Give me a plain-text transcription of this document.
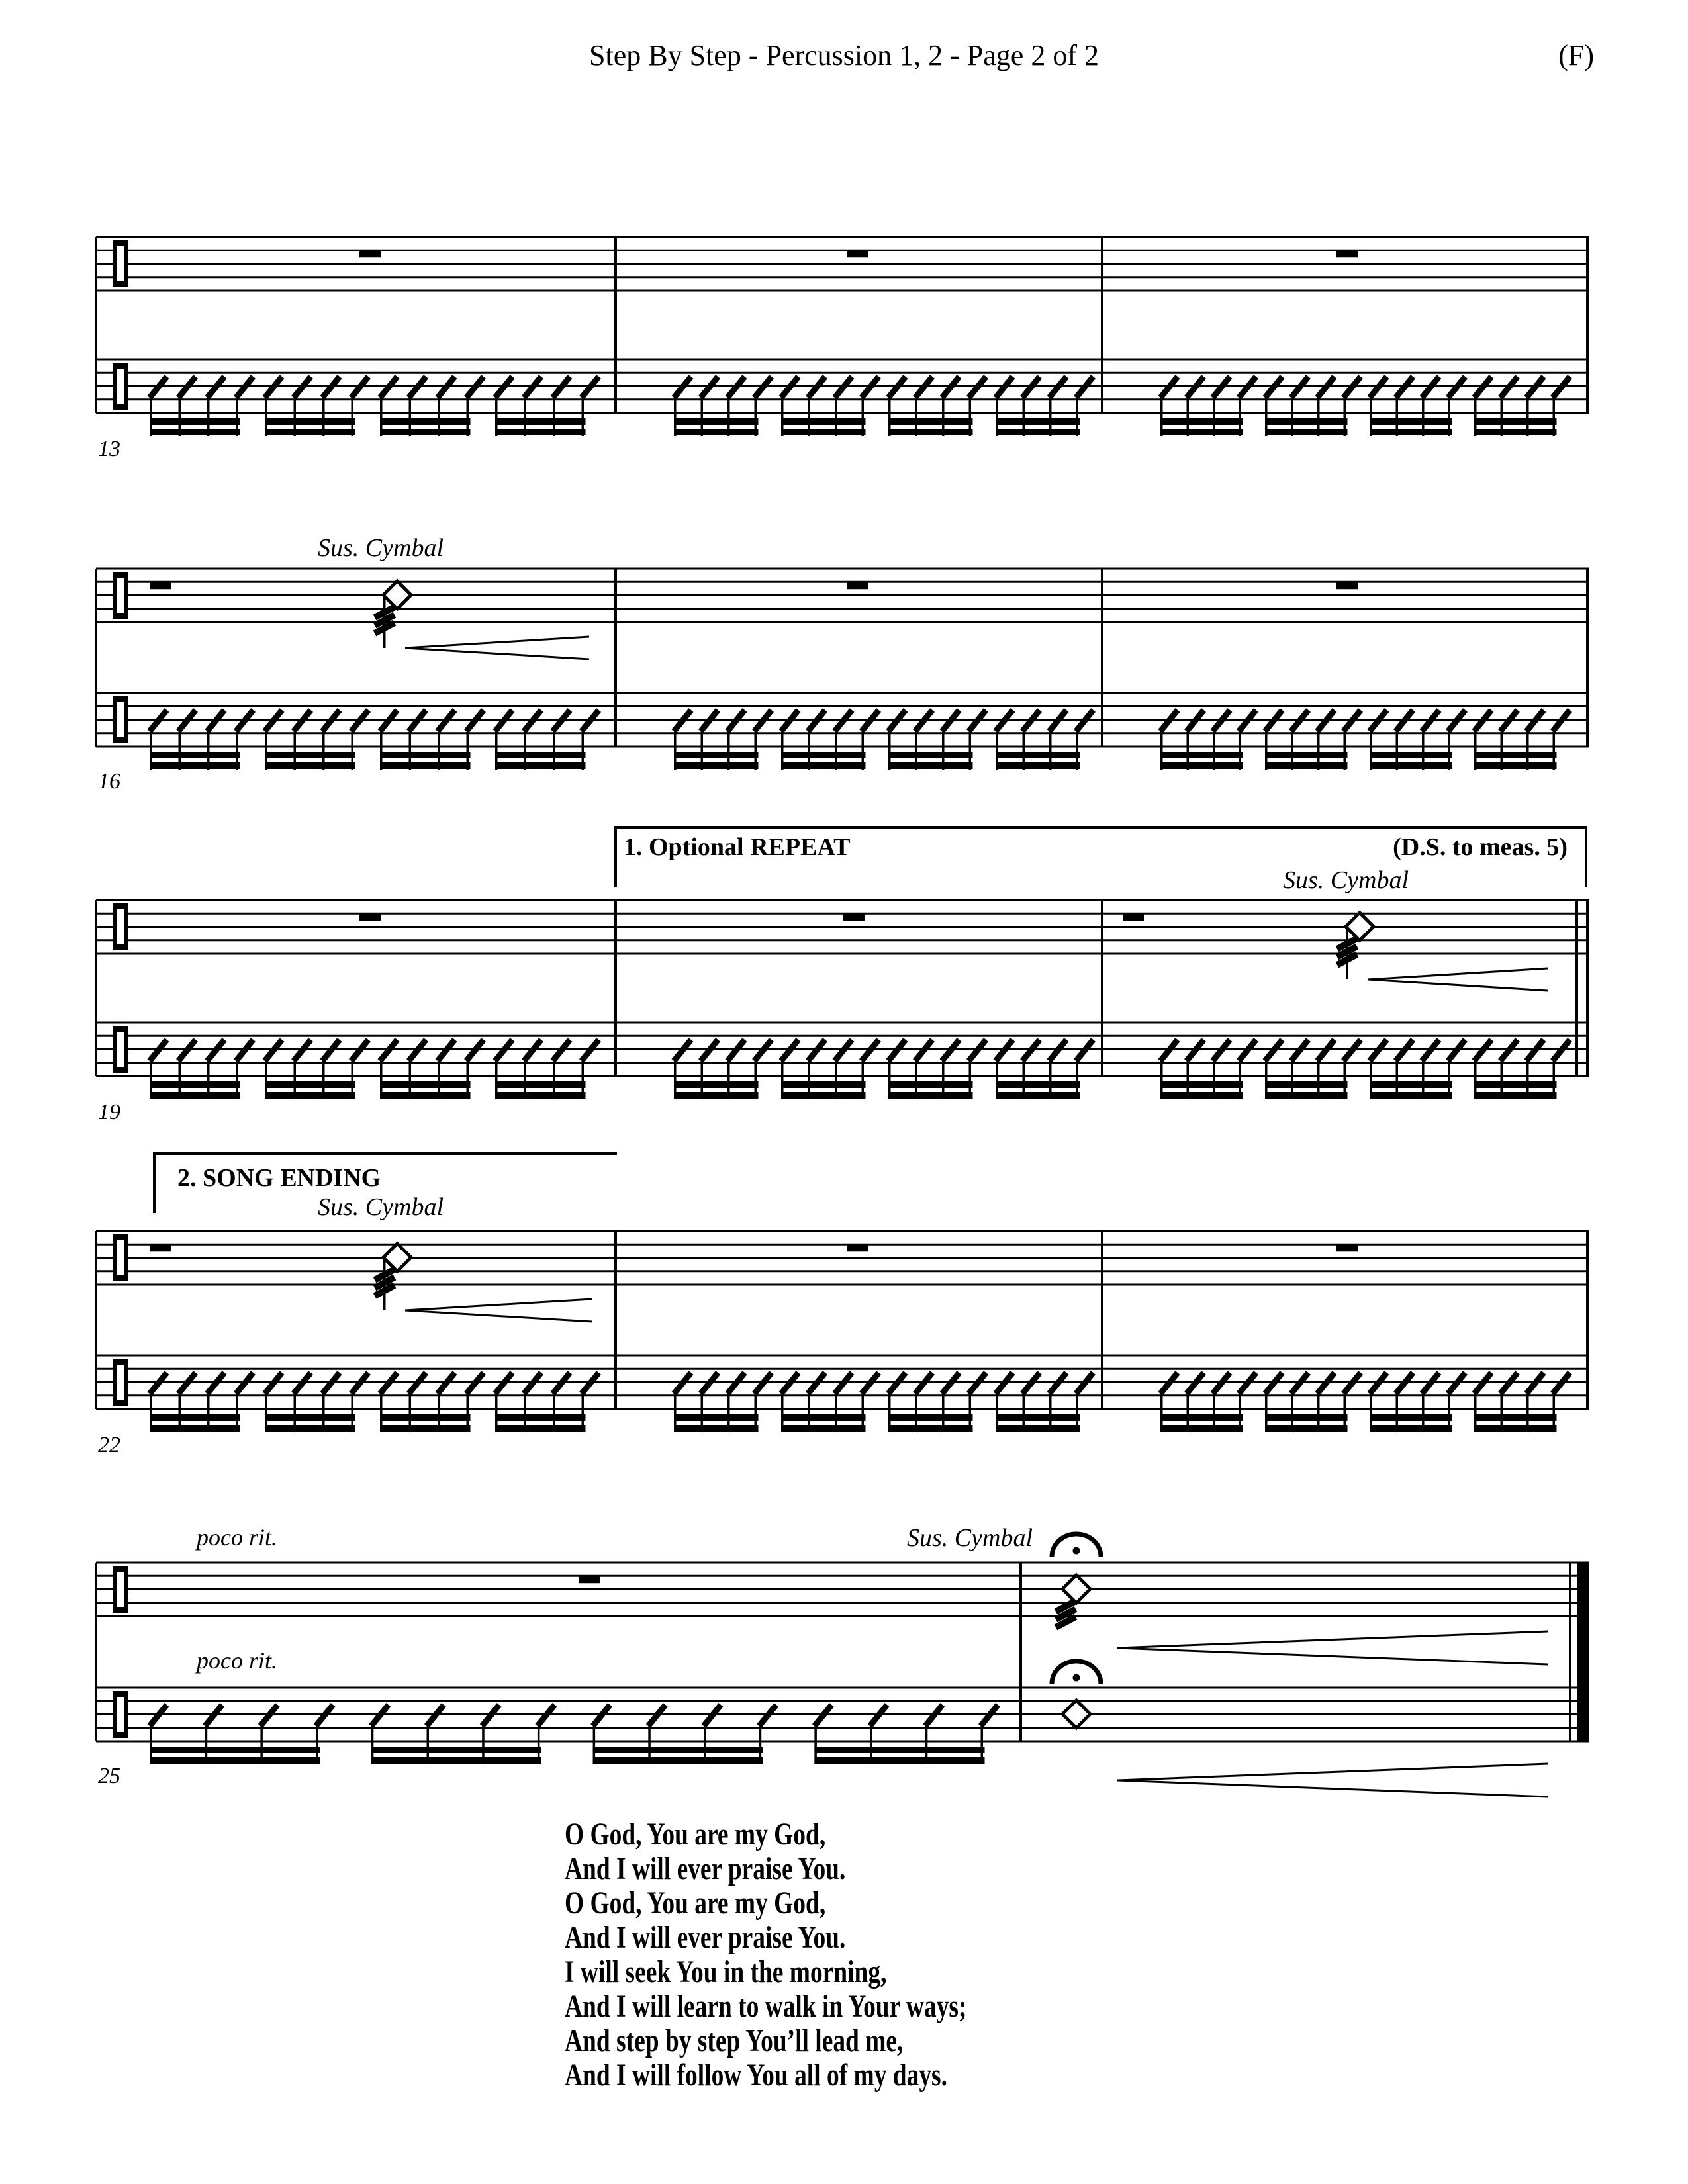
Step By Step - Percussion 1, 2 - Page 2 of 2	(F)
Sus. Cymbal
1. Optional REPEAT	(D.S. to meas. 5)
Sus. Cymbal
2. SONG ENDING
Sus. Cymbal
poco rit.
poco rit.
Sus. Cymbal
13
16
19
22
25
O God, You are my God,
And I will ever praise You.
O God, You are my God,
And I will ever praise You.
I will seek You in the morning,
And I will learn to walk in Your ways;
And step by step You’ll lead me,
And I will follow You all of my days.
